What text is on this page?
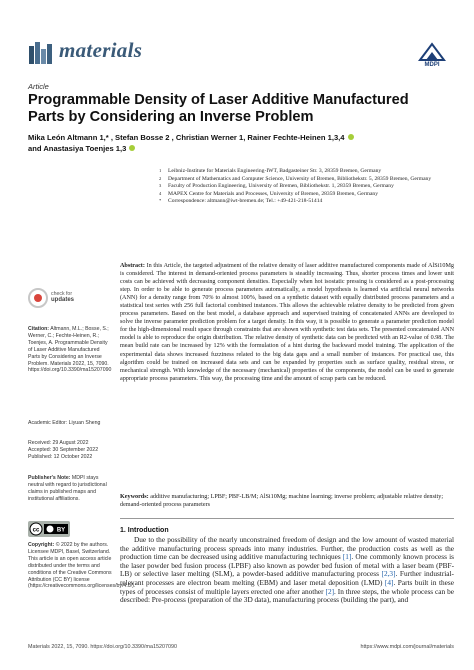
materials
MDPI
Article
Programmable Density of Laser Additive Manufactured Parts by Considering an Inverse Problem
Mika León Altmann 1,* , Stefan Bosse 2 , Christian Werner 1, Rainer Fechte-Heinen 1,3,4
and Anastasiya Toenjes 1,3
1 Leibniz-Institute for Materials Engineering-IWT, Badgasteiner Str. 3, 28359 Bremen, Germany
2 Department of Mathematics and Computer Science, University of Bremen, Bibliothekstr. 5, 28359 Bremen, Germany
3 Faculty of Production Engineering, University of Bremen, Bibliothekstr. 1, 28359 Bremen, Germany
4 MAPEX Centre for Materials and Processes, University of Bremen, 28359 Bremen, Germany
* Correspondence: altmann@iwt-bremen.de; Tel.: +49-421-218-51414
check for
updates
Citation: Altmann, M.L.; Bosse, S.; Werner, C.; Fechte-Heinen, R.; Toenjes, A. Programmable Density of Laser Additive Manufactured Parts by Considering an Inverse Problem. Materials 2022, 15, 7090. https://doi.org/10.3390/ma15207090
Academic Editor: Liyuan Sheng
Received: 29 August 2022
Accepted: 30 September 2022
Published: 12 October 2022
Publisher's Note: MDPI stays neutral with regard to jurisdictional claims in published maps and institutional affiliations.
cc	BY
Copyright: © 2022 by the authors. Licensee MDPI, Basel, Switzerland. This article is an open access article distributed under the terms and conditions of the Creative Commons Attribution (CC BY) license (https://creativecommons.org/licenses/by/4.0/).
Abstract: In this Article, the targeted adjustment of the relative density of laser additive manufactured components made of AlSi10Mg is considered. The interest in demand-oriented process parameters is steadily increasing. Thus, shorter process times and lower unit costs can be achieved with decreasing component densities. Especially when hot isostatic pressing is considered as a post-processing step. In order to be able to generate process parameters automatically, a model hypothesis is learned via artificial neural networks (ANN) for a density range from 70% to almost 100%, based on a synthetic dataset with equally distributed process parameters and a statistical test series with 256 full factorial combined instances. This allows the achievable relative density to be predicted from given process parameters. Based on the best model, a database approach and supervised training of concatenated ANNs are developed to solve the inverse parameter prediction problem for a target density. In this way, it is possible to generate a parameter prediction model for the high-dimensional result space through constraints that are shown with synthetic test data sets. The presented concatenated ANN model is able to reproduce the origin distribution. The relative density of synthetic data can be predicted with an R2-value of 0.98. The mean build rate can be increased by 12% with the formulation of a hint during the backward model training. The application of the experimental data shows increased fuzziness related to the big data gaps and a small number of instances. For practical use, this algorithm could be trained on increased data sets and can be expanded by properties such as surface quality, residual stress, or mechanical strength. With knowledge of the necessary (mechanical) properties of the components, the model can be used to generate appropriate process parameters. This way, the processing time and the amount of scrap parts can be reduced.
Keywords: additive manufacturing; LPBF; PBF-LB/M; AlSi10Mg; machine learning; inverse problem; adjustable relative density; demand-oriented process parameters
1. Introduction
Due to the possibility of the nearly unconstrained freedom of design and the low amount of wasted material the additive manufacturing process spreads into many industries. Further, the production costs as well as the production time can be decreased using additive manufacturing techniques [1]. One commonly known process is the laser powder bed fusion process (LPBF) also known as powder bed fusion of metal with a laser beam (PBF-LB) or selective laser melting (SLM), a powder-based additive manufacturing process [2,3]. Further industrial-relevant processes are electron beam melting (EBM) and laser metal deposition (LMD) [4]. Parts built in these types of processes consist of multiple layers erected one after another [2]. In three steps, the whole process can be described: Pre-process (preparation of the 3D data), manufacturing process (building the part), and
Materials 2022, 15, 7090. https://doi.org/10.3390/ma15207090	https://www.mdpi.com/journal/materials
